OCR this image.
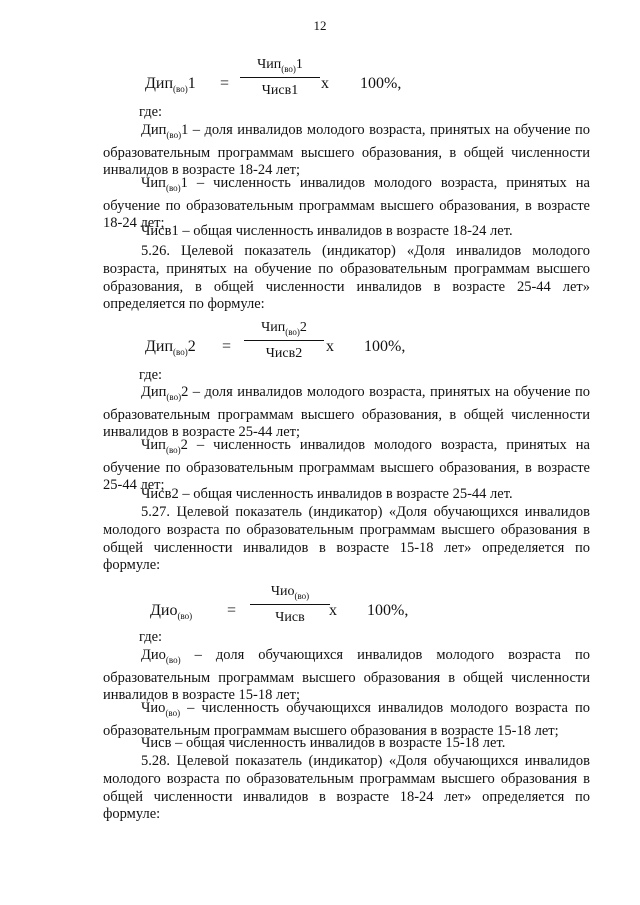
12
Дип$_{(во)}$1 =
Чип$_{(во)}$1
Чисв1	х 100%,
где:
Дип$_{(во)}$1 – доля инвалидов молодого возраста, принятых на обучение по образовательным программам высшего образования, в общей численности инвалидов в возрасте 18-24 лет;
Чип$_{(во)}$1 – численность инвалидов молодого возраста, принятых на обучение по образовательным программам высшего образования, в возрасте 18-24 лет;
Чисв1 – общая численность инвалидов в возрасте 18-24 лет.
5.26. Целевой показатель (индикатор) «Доля инвалидов молодого возраста, принятых на обучение по образовательным программам высшего образования, в общей численности инвалидов в возрасте 25-44 лет» определяется по формуле:
Дип$_{(во)}$2 =
Чип$_{(во)}$2
Чисв2	х 100%,
где:
Дип$_{(во)}$2 – доля инвалидов молодого возраста, принятых на обучение по образовательным программам высшего образования, в общей численности инвалидов в возрасте 25-44 лет;
Чип$_{(во)}$2 – численность инвалидов молодого возраста, принятых на обучение по образовательным программам высшего образования, в возрасте 25-44 лет;
Чисв2 – общая численность инвалидов в возрасте 25-44 лет.
5.27. Целевой показатель (индикатор) «Доля обучающихся инвалидов молодого возраста по образовательным программам высшего образования в общей численности инвалидов в возрасте 15-18 лет» определяется по формуле:
Дио$_{(во)}$ =
Чио$_{(во)}$
Чисв	х 100%,
где:
Дио$_{(во)}$ – доля обучающихся инвалидов молодого возраста по образовательным программам высшего образования в общей численности инвалидов в возрасте 15-18 лет;
Чио$_{(во)}$ – численность обучающихся инвалидов молодого возраста по образовательным программам высшего образования в возрасте 15-18 лет;
Чисв – общая численность инвалидов в возрасте 15-18 лет.
5.28. Целевой показатель (индикатор) «Доля обучающихся инвалидов молодого возраста по образовательным программам высшего образования в общей численности инвалидов в возрасте 18-24 лет» определяется по формуле:
